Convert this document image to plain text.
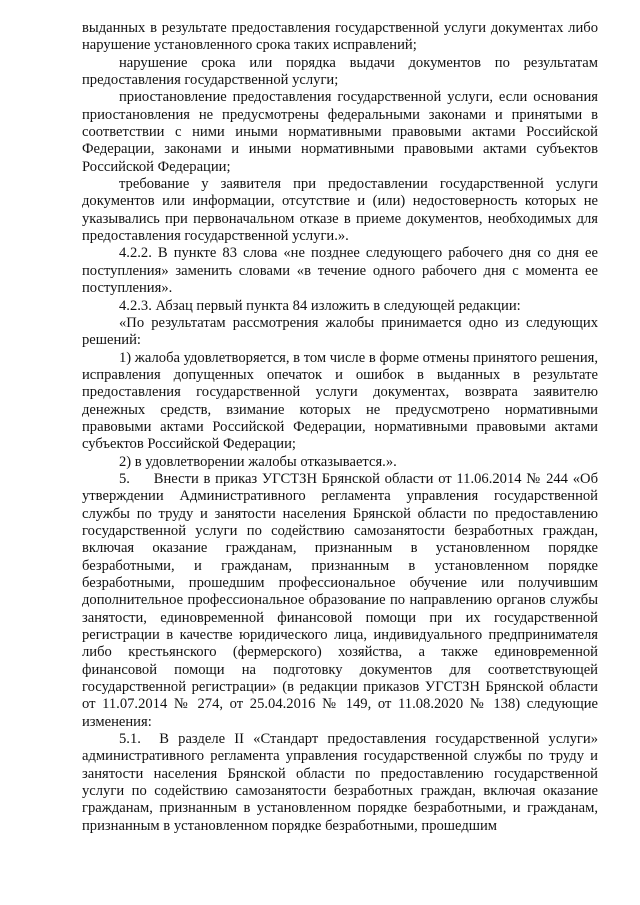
выданных в результате предоставления государственной услуги документах либо нарушение установленного срока таких исправлений;

нарушение срока или порядка выдачи документов по результатам предоставления государственной услуги;

приостановление предоставления государственной услуги, если основания приостановления не предусмотрены федеральными законами и принятыми в соответствии с ними иными нормативными правовыми актами Российской Федерации, законами и иными нормативными правовыми актами субъектов Российской Федерации;

требование у заявителя при предоставлении государственной услуги документов или информации, отсутствие и (или) недостоверность которых не указывались при первоначальном отказе в приеме документов, необходимых для предоставления государственной услуги.».

4.2.2. В пункте 83 слова «не позднее следующего рабочего дня со дня ее поступления» заменить словами «в течение одного рабочего дня с момента ее поступления».

4.2.3. Абзац первый пункта 84 изложить в следующей редакции:

«По результатам рассмотрения жалобы принимается одно из следующих решений:

1) жалоба удовлетворяется, в том числе в форме отмены принятого решения, исправления допущенных опечаток и ошибок в выданных в результате предоставления государственной услуги документах, возврата заявителю денежных средств, взимание которых не предусмотрено нормативными правовыми актами Российской Федерации, нормативными правовыми актами субъектов Российской Федерации;

2) в удовлетворении жалобы отказывается.».

5.     Внести в приказ УГСТЗН Брянской области от 11.06.2014 № 244 «Об утверждении Административного регламента управления государственной службы по труду и занятости населения Брянской области по предоставлению государственной услуги по содействию самозанятости безработных граждан, включая оказание гражданам, признанным в установленном порядке безработными, и гражданам, признанным в установленном порядке безработными, прошедшим профессиональное обучение или получившим дополнительное профессиональное образование по направлению органов службы занятости, единовременной финансовой помощи при их государственной регистрации в качестве юридического лица, индивидуального предпринимателя либо крестьянского (фермерского) хозяйства, а также единовременной финансовой помощи на подготовку документов для соответствующей государственной регистрации» (в редакции приказов УГСТЗН Брянской области от 11.07.2014 № 274, от 25.04.2016 № 149, от 11.08.2020 № 138) следующие изменения:

5.1.  В разделе II «Стандарт предоставления государственной услуги» административного регламента управления государственной службы по труду и занятости населения Брянской области по предоставлению государственной услуги по содействию самозанятости безработных граждан, включая оказание гражданам, признанным в установленном порядке безработными, и гражданам, признанным в установленном порядке безработными, прошедшим
